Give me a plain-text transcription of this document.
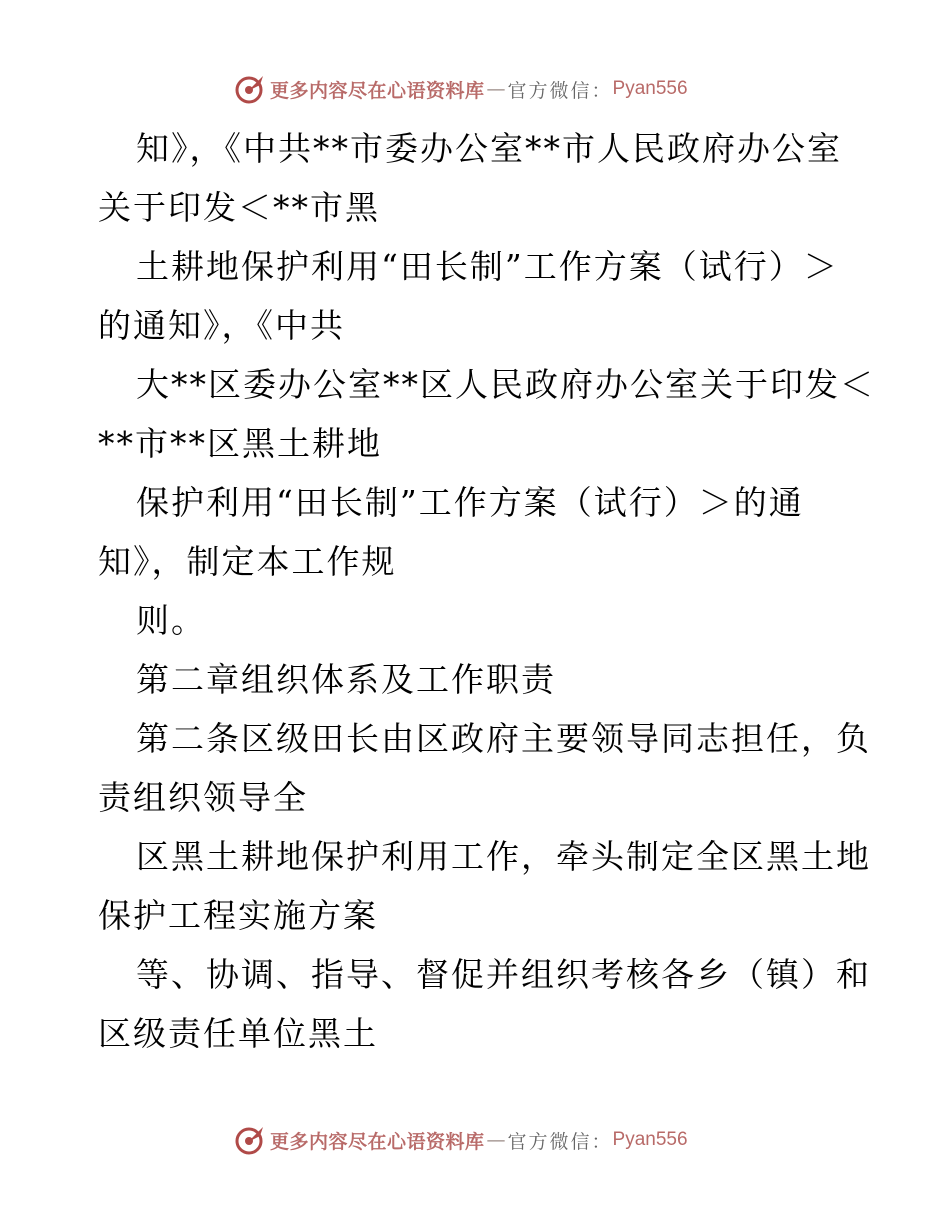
更多内容尽在心语资料库 — 官方微信： Pyan556
知》，《中共**市委办公室**市人民政府办公室
关于印发＜**市黑
土耕地保护利用“田长制”工作方案（试行）＞
的通知》，《中共
大**区委办公室**区人民政府办公室关于印发＜
**市**区黑土耕地
保护利用“田长制”工作方案（试行）＞的通
知》，制定本工作规
则。
第二章组织体系及工作职责
第二条区级田长由区政府主要领导同志担任，负
责组织领导全
区黑土耕地保护利用工作，牵头制定全区黑土地
保护工程实施方案
等、协调、指导、督促并组织考核各乡（镇）和
区级责任单位黑土
更多内容尽在心语资料库 — 官方微信： Pyan556
